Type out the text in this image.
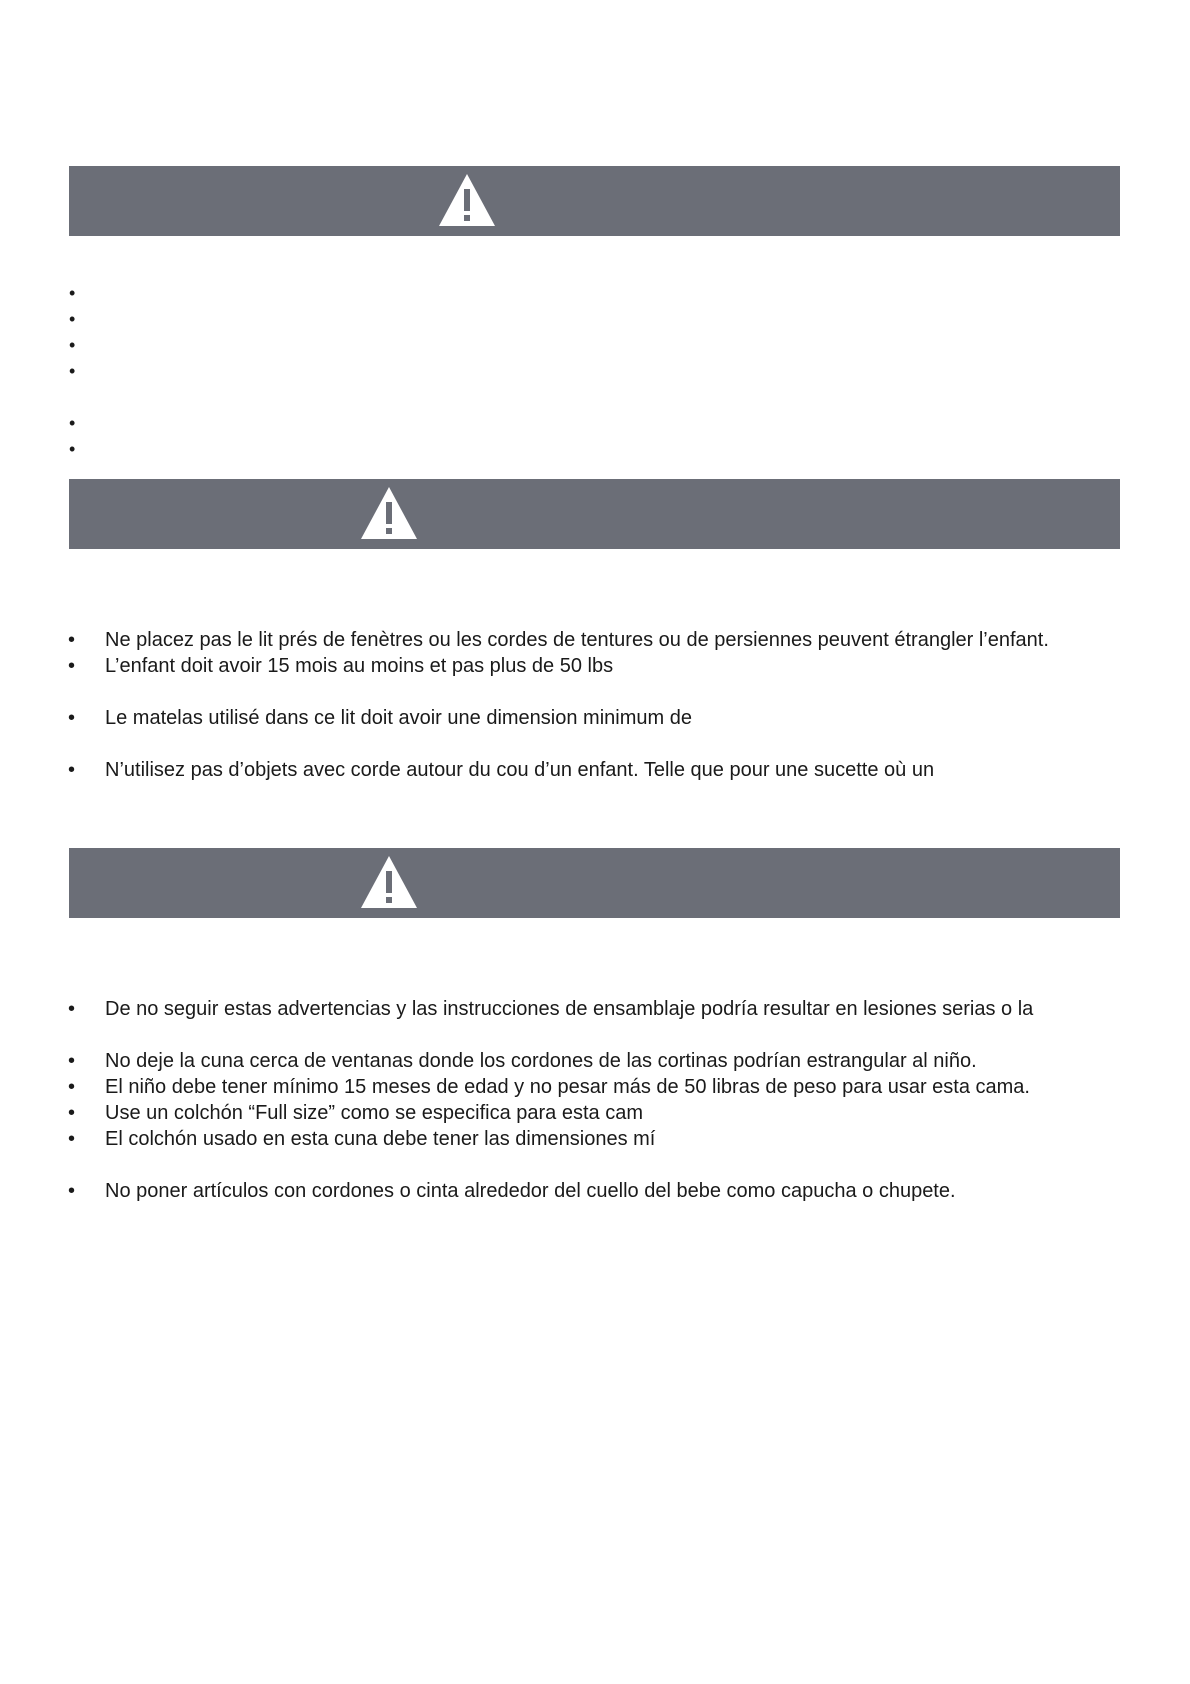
•
•
•
•
•
•
• Ne placez pas le lit prés de fenètres ou les cordes de tentures ou de persiennes peuvent étrangler l’enfant.
• L’enfant doit avoir 15 mois au moins et pas plus de 50 lbs
• Le matelas utilisé dans ce lit doit avoir une dimension minimum de
• N’utilisez pas d’objets avec corde autour du cou d’un enfant. Telle que pour une sucette où un
• De no seguir estas advertencias y las instrucciones de ensamblaje podría resultar en lesiones serias o la
• No deje la cuna cerca de ventanas donde los cordones de las cortinas podrían estrangular al niño.
• El niño debe tener mínimo 15 meses de edad y no pesar más de 50 libras de peso para usar esta cama.
• Use un colchón “Full size” como se especifica para esta cam
• El colchón usado en esta cuna debe tener las dimensiones mí
• No poner artículos con cordones o cinta alrededor del cuello del bebe como capucha o chupete.
